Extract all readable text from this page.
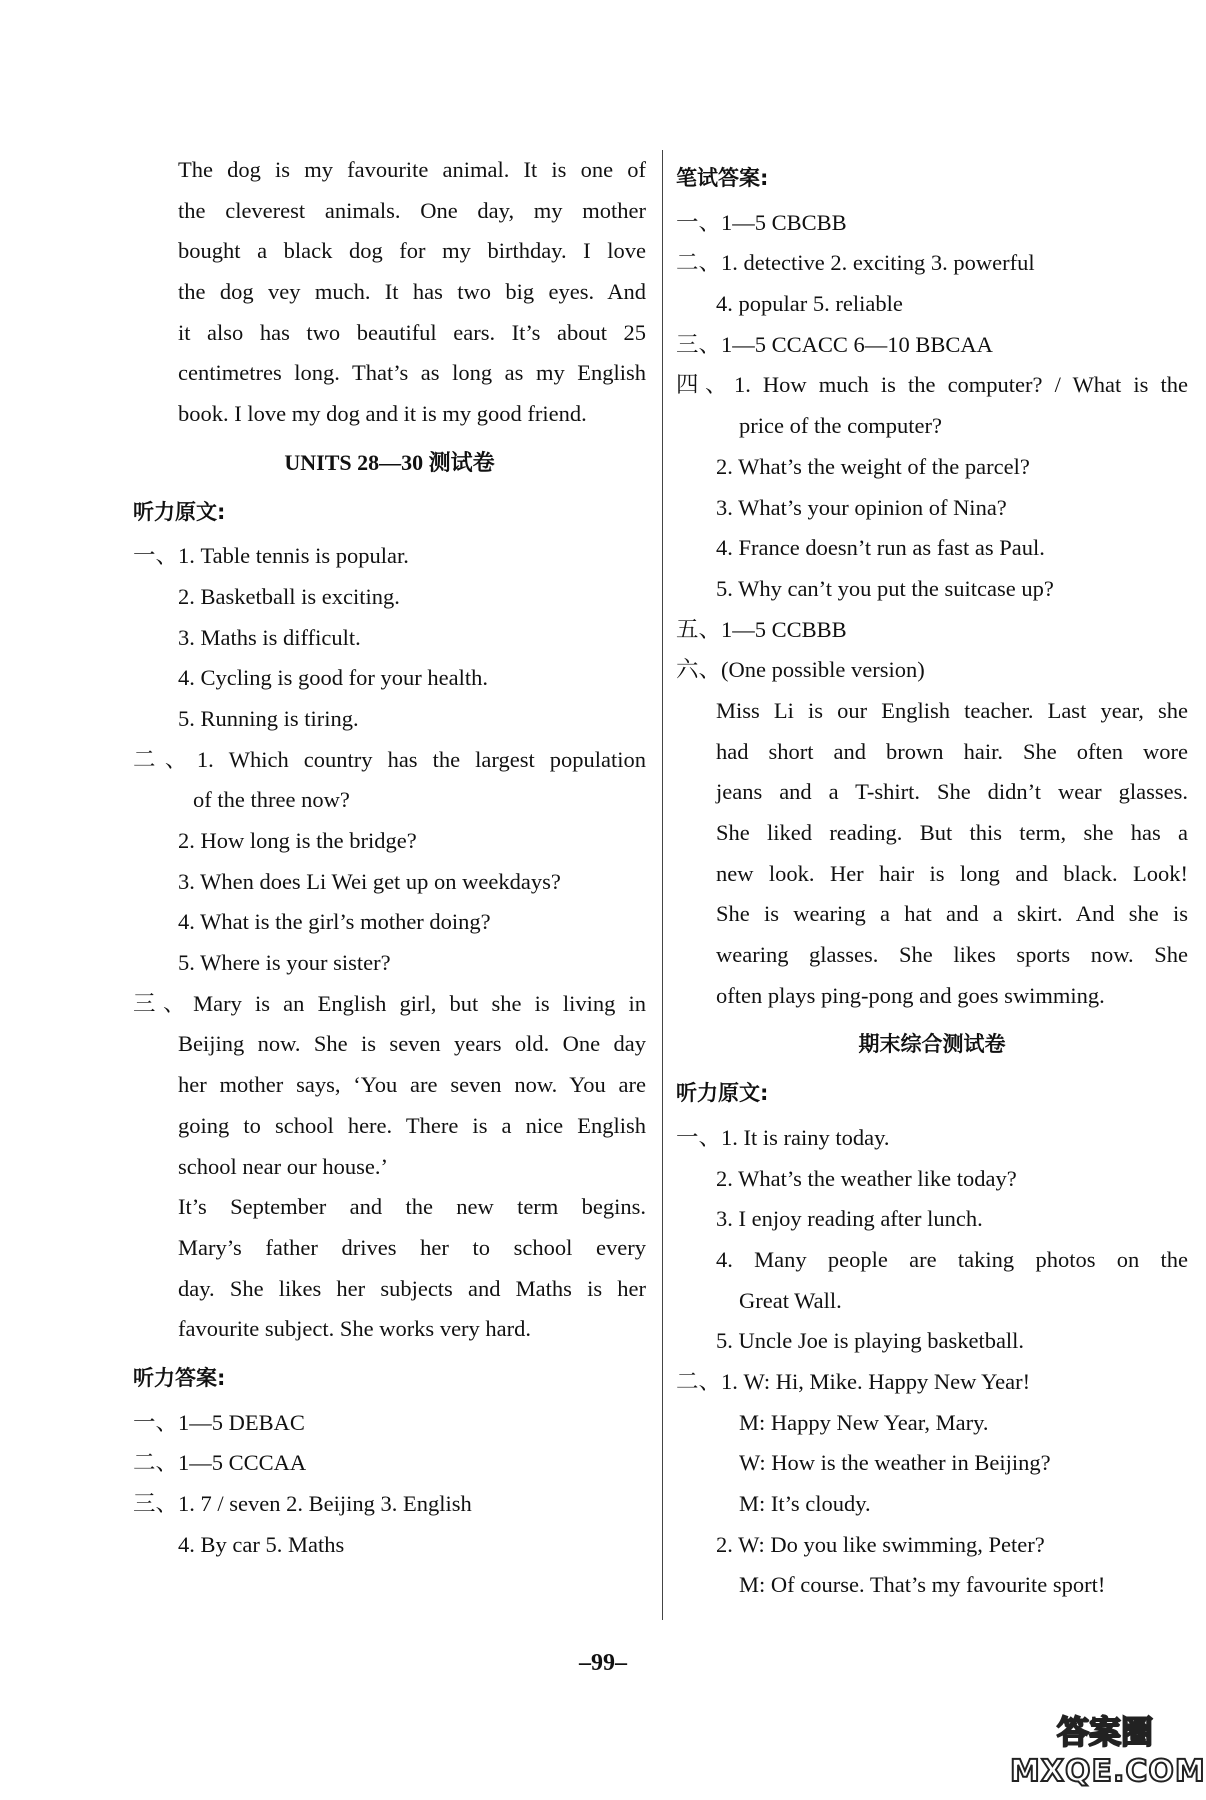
The dog is my favourite animal. It is one of
the cleverest animals. One day, my mother
bought a black dog for my birthday. I love
the dog vey much. It has two big eyes. And
it also has two beautiful ears. It’s about 25
centimetres long. That’s as long as my English
book. I love my dog and it is my good friend.
UNITS 28—30 测试卷
听力原文:
一、1. Table tennis is popular.
2. Basketball is exciting.
3. Maths is difficult.
4. Cycling is good for your health.
5. Running is tiring.
二、1. Which country has the largest population
of the three now?
2. How long is the bridge?
3. When does Li Wei get up on weekdays?
4. What is the girl’s mother doing?
5. Where is your sister?
三、Mary is an English girl, but she is living in
Beijing now. She is seven years old. One day
her mother says, ‘You are seven now. You are
going to school here. There is a nice English
school near our house.’
It’s September and the new term begins.
Mary’s father drives her to school every
day. She likes her subjects and Maths is her
favourite subject. She works very hard.
听力答案:
一、1—5 DEBAC
二、1—5 CCCAA
三、1. 7 / seven 2. Beijing 3. English
4. By car 5. Maths
笔试答案:
一、1—5 CBCBB
二、1. detective 2. exciting 3. powerful
4. popular 5. reliable
三、1—5 CCACC 6—10 BBCAA
四、1. How much is the computer? / What is the
price of the computer?
2. What’s the weight of the parcel?
3. What’s your opinion of Nina?
4. France doesn’t run as fast as Paul.
5. Why can’t you put the suitcase up?
五、1—5 CCBBB
六、(One possible version)
Miss Li is our English teacher. Last year, she
had short and brown hair. She often wore
jeans and a T-shirt. She didn’t wear glasses.
She liked reading. But this term, she has a
new look. Her hair is long and black. Look!
She is wearing a hat and a skirt. And she is
wearing glasses. She likes sports now. She
often plays ping-pong and goes swimming.
期末综合测试卷
听力原文:
一、1. It is rainy today.
2. What’s the weather like today?
3. I enjoy reading after lunch.
4. Many people are taking photos on the
Great Wall.
5. Uncle Joe is playing basketball.
二、1. W: Hi, Mike. Happy New Year!
M: Happy New Year, Mary.
W: How is the weather in Beijing?
M: It’s cloudy.
2. W: Do you like swimming, Peter?
M: Of course. That’s my favourite sport!
–99–
答案圈
MXQE.COM
